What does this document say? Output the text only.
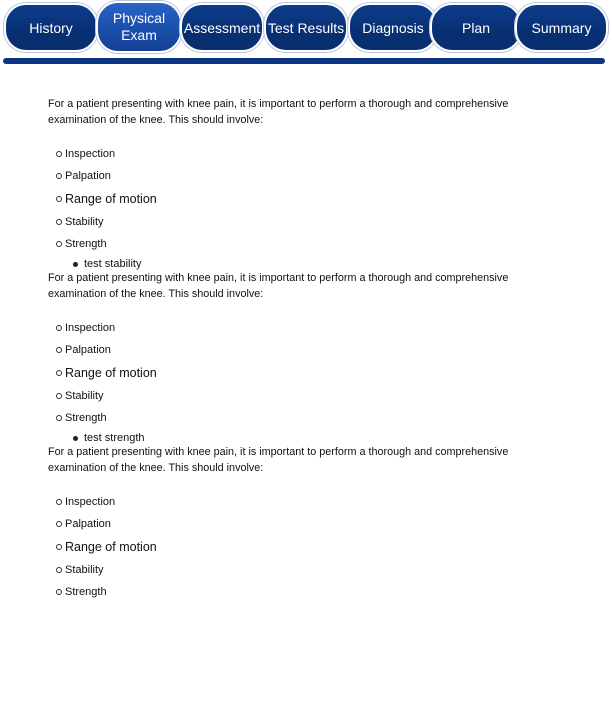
History
Physical
Exam	Assessment Test Results Diagnosis	Plan	Summary

For a patient presenting with knee pain, it is important to perform a thorough and comprehensive examination of the knee. This should involve:

Inspection
Palpation
Range of motion
Stability
Strength
test stability

For a patient presenting with knee pain, it is important to perform a thorough and comprehensive examination of the knee. This should involve:

Inspection
Palpation
Range of motion
Stability
Strength
test strength

For a patient presenting with knee pain, it is important to perform a thorough and comprehensive examination of the knee. This should involve:

Inspection
Palpation
Range of motion
Stability
Strength
